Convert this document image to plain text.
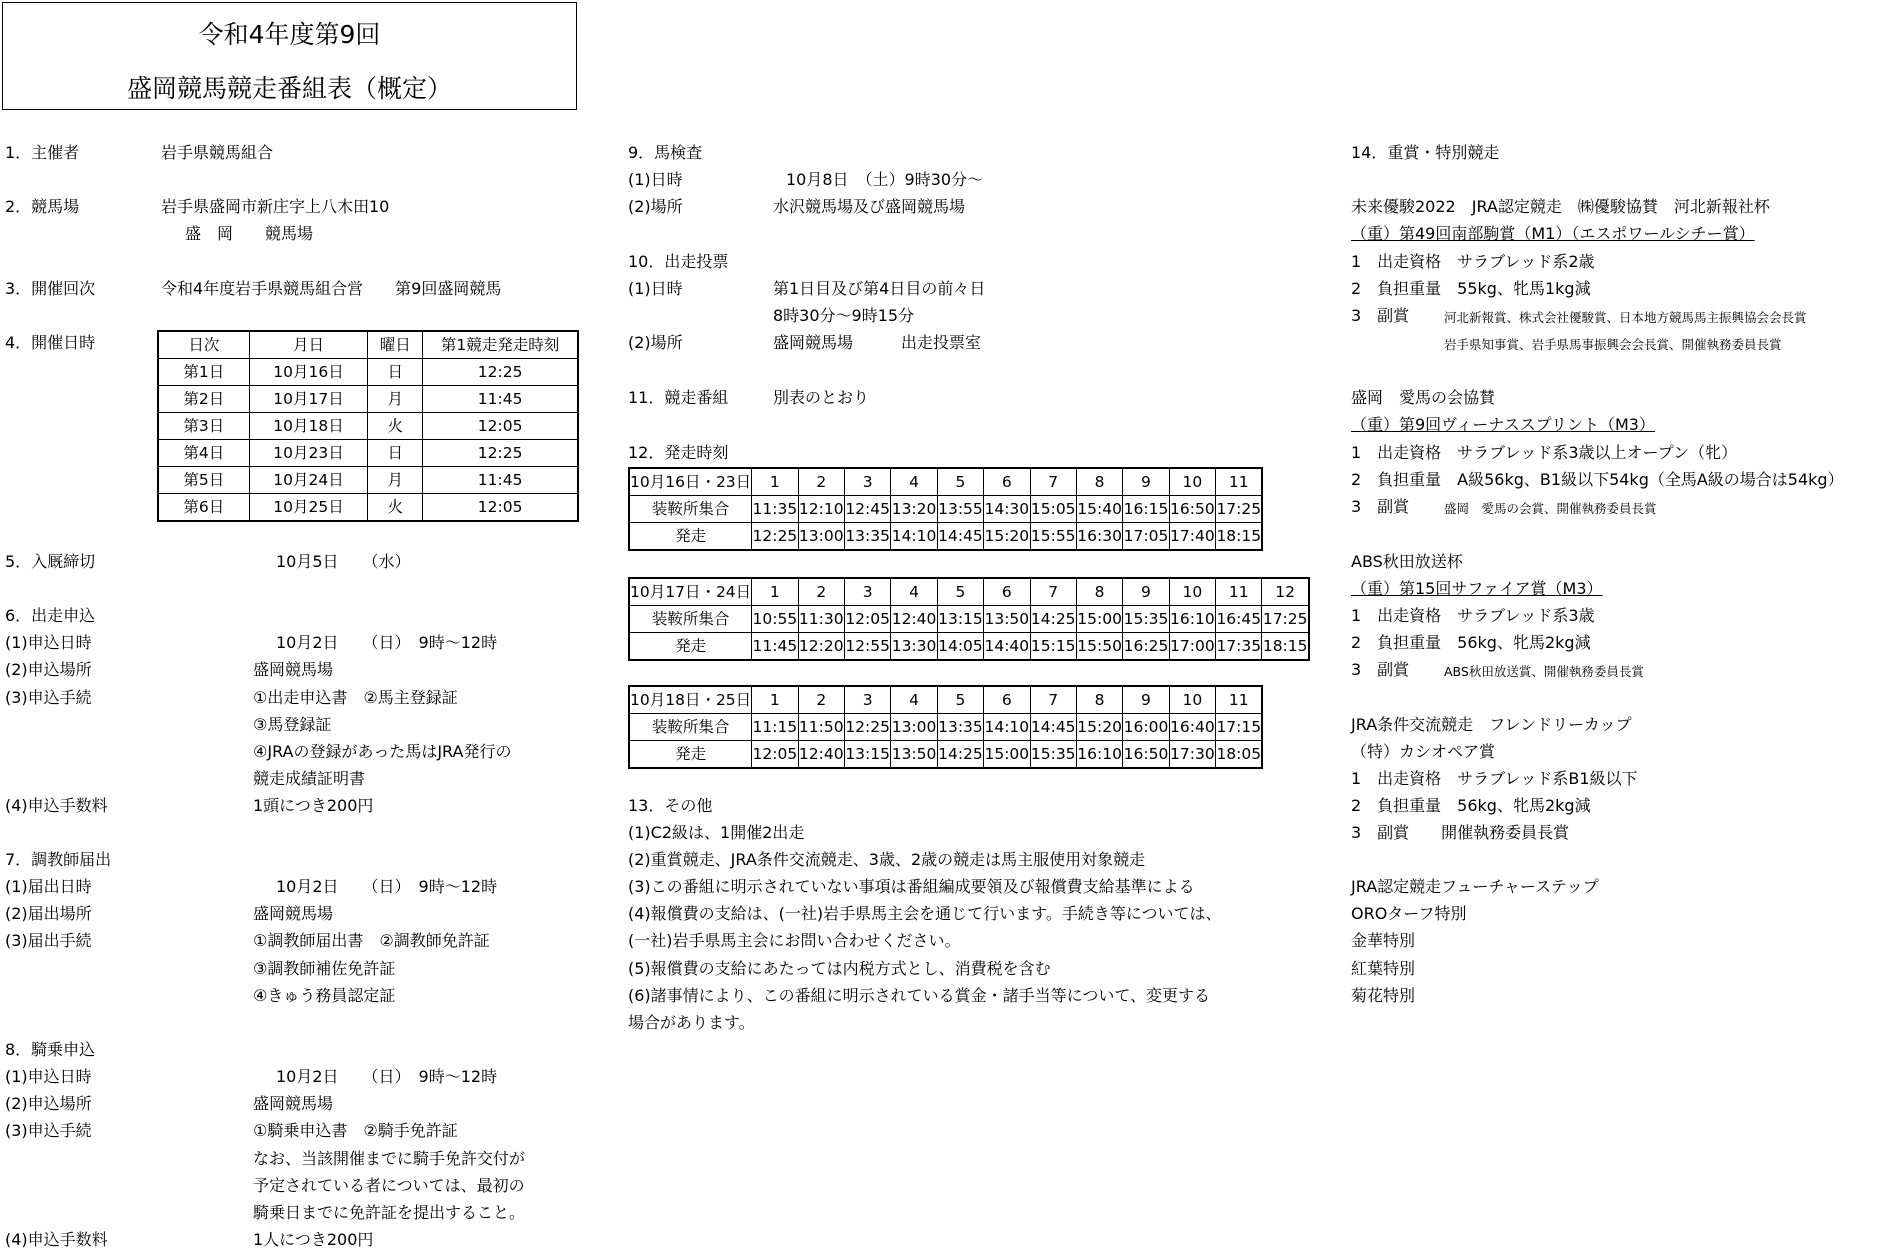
令和4年度第9回
盛岡競馬競走番組表（概定）
1．主催者	岩手県競馬組合
2．競馬場	岩手県盛岡市新庄字上八木田10
盛　岡　　競馬場
3．開催回次	令和4年度岩手県競馬組合営　　第9回盛岡競馬
4．開催日時	日次	月日	曜日	第1競走発走時刻
第1日	10月16日	日	12:25
第2日	10月17日	月	11:45
第3日	10月18日	火	12:05
第4日	10月23日	日	12:25
第5日	10月24日	月	11:45
第6日	10月25日	火	12:05
5．入厩締切	10月5日　　（水）
6．出走申込
(1)申込日時	10月2日　　（日）　9時～12時
(2)申込場所	盛岡競馬場
(3)申込手続	①出走申込書　②馬主登録証
③馬登録証
④JRAの登録があった馬はJRA発行の
競走成績証明書
(4)申込手数料	1頭につき200円
7．調教師届出
(1)届出日時	10月2日　　（日）　9時～12時
(2)届出場所	盛岡競馬場
(3)届出手続	①調教師届出書　②調教師免許証
③調教師補佐免許証
④きゅう務員認定証
8．騎乗申込
(1)申込日時	10月2日　　（日）　9時～12時
(2)申込場所	盛岡競馬場
(3)申込手続	①騎乗申込書　②騎手免許証
なお、当該開催までに騎手免許交付が
予定されている者については、最初の
騎乗日までに免許証を提出すること。
(4)申込手数料	1人につき200円
9．馬検査
(1)日時	10月8日　（土）9時30分～
(2)場所	水沢競馬場及び盛岡競馬場
10．出走投票
(1)日時	第1日目及び第4日目の前々日
8時30分～9時15分
(2)場所	盛岡競馬場　　　出走投票室
11．競走番組	別表のとおり
12．発走時刻
10月16日・23日	1	2	3	4	5	6	7	8	9	10	11
装鞍所集合	11:35	12:10	12:45	13:20	13:55	14:30	15:05	15:40	16:15	16:50	17:25
発走	12:25	13:00	13:35	14:10	14:45	15:20	15:55	16:30	17:05	17:40	18:15
10月17日・24日	1	2	3	4	5	6	7	8	9	10	11	12
装鞍所集合	10:55	11:30	12:05	12:40	13:15	13:50	14:25	15:00	15:35	16:10	16:45	17:25
発走	11:45	12:20	12:55	13:30	14:05	14:40	15:15	15:50	16:25	17:00	17:35	18:15
10月18日・25日	1	2	3	4	5	6	7	8	9	10	11
装鞍所集合	11:15	11:50	12:25	13:00	13:35	14:10	14:45	15:20	16:00	16:40	17:15
発走	12:05	12:40	13:15	13:50	14:25	15:00	15:35	16:10	16:50	17:30	18:05
13．その他
(1)C2級は、1開催2出走
(2)重賞競走、JRA条件交流競走、3歳、2歳の競走は馬主服使用対象競走
(3)この番組に明示されていない事項は番組編成要領及び報償費支給基準による
(4)報償費の支給は、(一社)岩手県馬主会を通じて行います。手続き等については、
(一社)岩手県馬主会にお問い合わせください。
(5)報償費の支給にあたっては内税方式とし、消費税を含む
(6)諸事情により、この番組に明示されている賞金・諸手当等について、変更する
場合があります。
14．重賞・特別競走
未来優駿2022　JRA認定競走　㈱優駿協賛　河北新報社杯
（重）第49回南部駒賞（M1）（エスポワールシチー賞）
1　出走資格　サラブレッド系2歳
2　負担重量　55kg、牝馬1kg減
3　副賞	河北新報賞、株式会社優駿賞、日本地方競馬馬主振興協会会長賞
岩手県知事賞、岩手県馬事振興会会長賞、開催執務委員長賞
盛岡　愛馬の会協賛
（重）第9回ヴィーナススプリント（M3）
1　出走資格　サラブレッド系3歳以上オープン（牝）
2　負担重量　A級56kg、B1級以下54kg（全馬A級の場合は54kg）
3　副賞	盛岡　愛馬の会賞、開催執務委員長賞
ABS秋田放送杯
（重）第15回サファイア賞（M3）
1　出走資格　サラブレッド系3歳
2　負担重量　56kg、牝馬2kg減
3　副賞	ABS秋田放送賞、開催執務委員長賞
JRA条件交流競走　フレンドリーカップ
（特）カシオペア賞
1　出走資格　サラブレッド系B1級以下
2　負担重量　56kg、牝馬2kg減
3　副賞　　開催執務委員長賞
JRA認定競走フューチャーステップ
OROターフ特別
金華特別
紅葉特別
菊花特別
